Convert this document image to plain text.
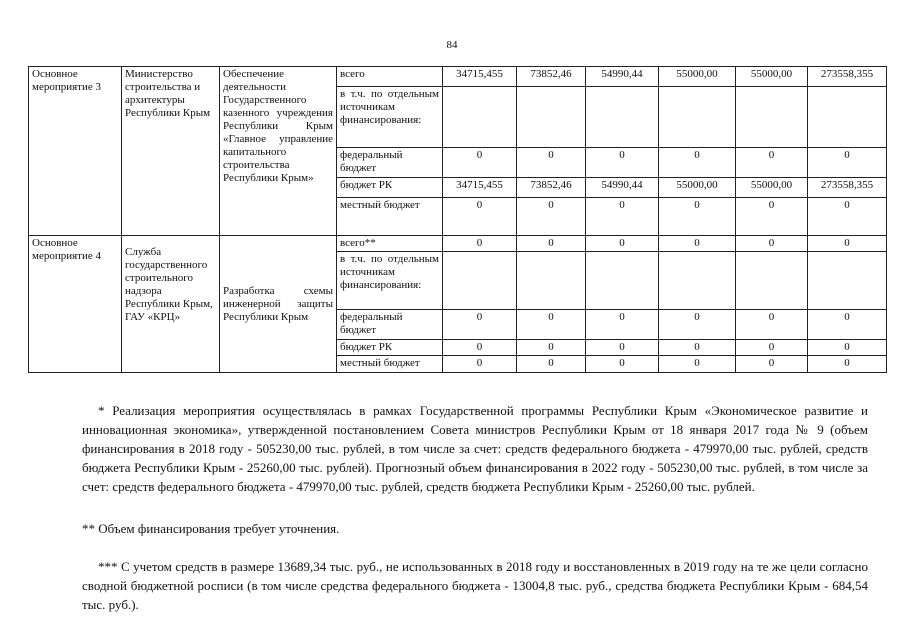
84
Основное мероприятие 3	Министерство строительства и архитектуры Республики Крым	Обеспечение деятельности Государственного казенного учреждения Республики Крым «Главное управление капитального строительства Республики Крым»	всего	34715,455	73852,46	54990,44	55000,00	55000,00	273558,355
			в т.ч. по отдельным источникам финансирования:						
			федеральный бюджет	0	0	0	0	0	0
			бюджет РК	34715,455	73852,46	54990,44	55000,00	55000,00	273558,355
			местный бюджет	0	0	0	0	0	0
Основное мероприятие 4	Служба государственного строительного надзора Республики Крым, ГАУ «КРЦ»	Разработка схемы инженерной защиты Республики Крым	всего**	0	0	0	0	0	0
			в т.ч. по отдельным источникам финансирования:						
			федеральный бюджет	0	0	0	0	0	0
			бюджет РК	0	0	0	0	0	0
			местный бюджет	0	0	0	0	0	0

* Реализация мероприятия осуществлялась в рамках Государственной программы Республики Крым «Экономическое развитие и инновационная экономика», утвержденной постановлением Совета министров Республики Крым от 18 января 2017 года № 9 (объем финансирования в 2018 году - 505230,00 тыс. рублей, в том числе за счет: средств федерального бюджета - 479970,00 тыс. рублей, средств бюджета Республики Крым - 25260,00 тыс. рублей). Прогнозный объем финансирования в 2022 году - 505230,00 тыс. рублей, в том числе за счет: средств федерального бюджета - 479970,00 тыс. рублей, средств бюджета Республики Крым - 25260,00 тыс. рублей.

** Объем финансирования требует уточнения.

*** С учетом средств в размере 13689,34 тыс. руб., не использованных в 2018 году и восстановленных в 2019 году на те же цели согласно сводной бюджетной росписи (в том числе средства федерального бюджета - 13004,8 тыс. руб., средства бюджета Республики Крым - 684,54 тыс. руб.).
